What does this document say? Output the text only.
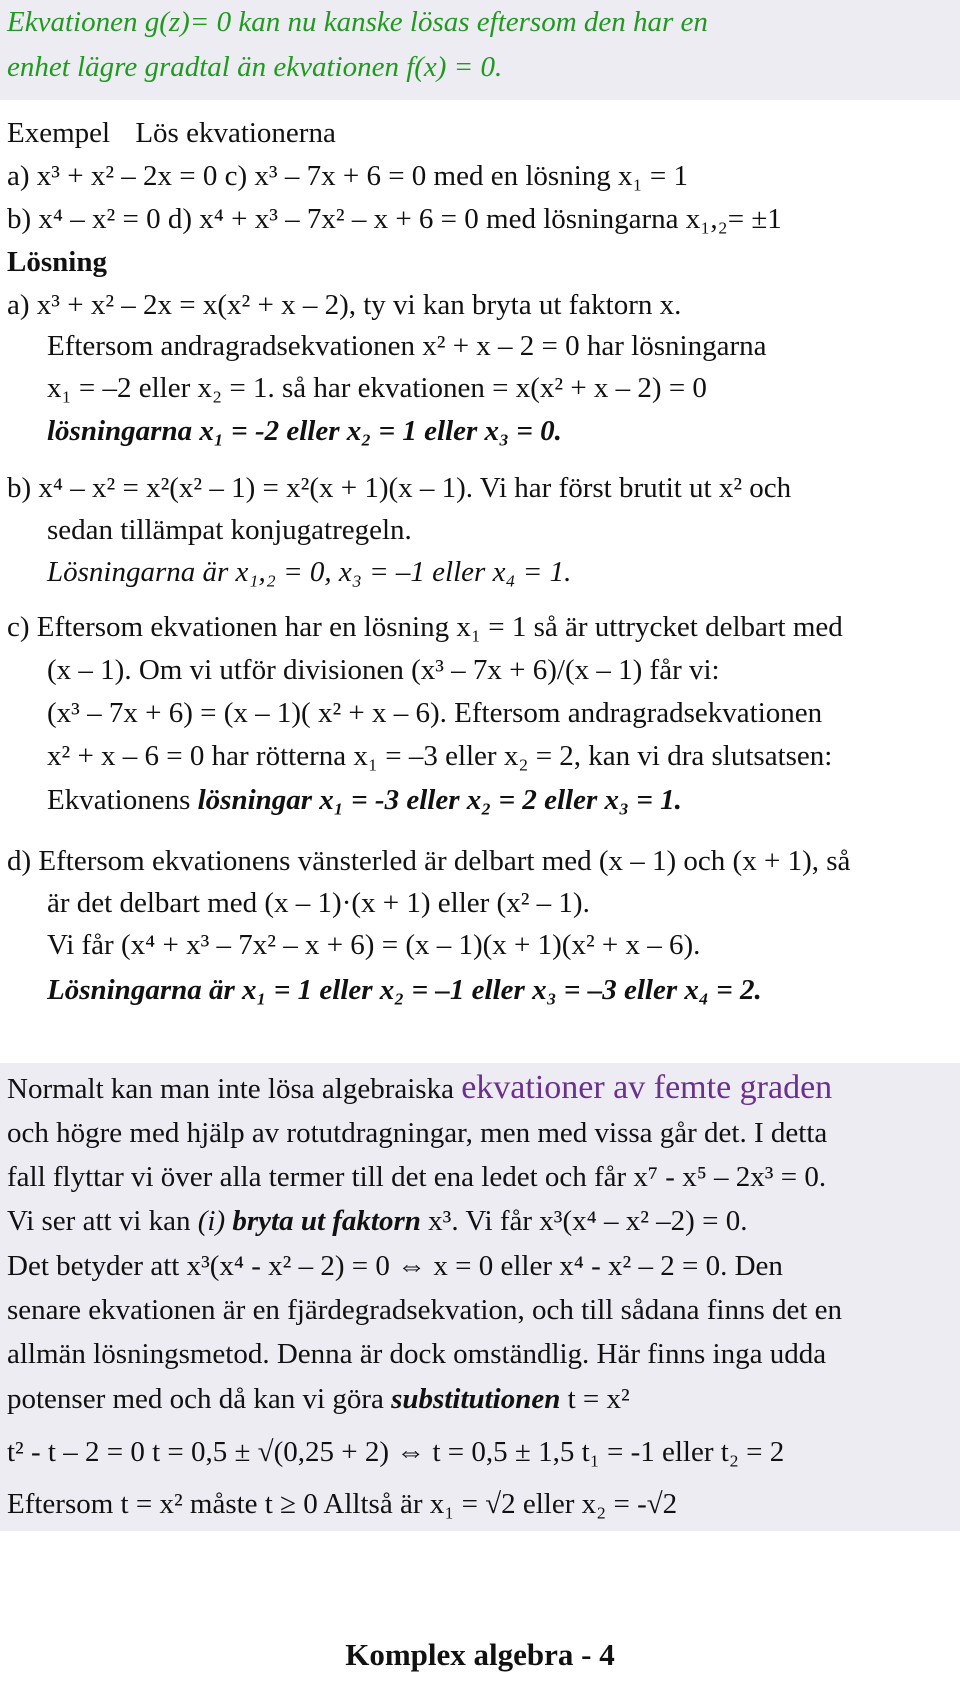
Ekvationen g(z)= 0 kan nu kanske lösas eftersom den har en
enhet lägre gradtal än ekvationen f(x) = 0.
Exempel Lös ekvationerna
a) x³ + x² – 2x = 0 c) x³ – 7x + 6 = 0 med en lösning x₁ = 1
b) x⁴ – x² = 0 d) x⁴ + x³ – 7x² – x + 6 = 0 med lösningarna x₁,₂= ±1
Lösning
a) x³ + x² – 2x = x(x² + x – 2), ty vi kan bryta ut faktorn x.
Eftersom andragradsekvationen x² + x – 2 = 0 har lösningarna
x₁ = –2 eller x₂ = 1. så har ekvationen = x(x² + x – 2) = 0
lösningarna x₁ = -2 eller x₂ = 1 eller x₃ = 0.
b) x⁴ – x² = x²(x² – 1) = x²(x + 1)(x – 1). Vi har först brutit ut x² och
sedan tillämpat konjugatregeln.
Lösningarna är x₁,₂ = 0, x₃ = –1 eller x₄ = 1.
c) Eftersom ekvationen har en lösning x₁ = 1 så är uttrycket delbart med
(x – 1). Om vi utför divisionen (x³ – 7x + 6)/(x – 1) får vi:
(x³ – 7x + 6) = (x – 1)( x² + x – 6). Eftersom andragradsekvationen
x² + x – 6 = 0 har rötterna x₁ = –3 eller x₂ = 2, kan vi dra slutsatsen:
Ekvationens lösningar x₁ = -3 eller x₂ = 2 eller x₃ = 1.
d) Eftersom ekvationens vänsterled är delbart med (x – 1) och (x + 1), så
är det delbart med (x – 1)·(x + 1) eller (x² – 1).
Vi får (x⁴ + x³ – 7x² – x + 6) = (x – 1)(x + 1)(x² + x – 6).
Lösningarna är x₁ = 1 eller x₂ = –1 eller x₃ = –3 eller x₄ = 2.
Normalt kan man inte lösa algebraiska ekvationer av femte graden
och högre med hjälp av rotutdragningar, men med vissa går det. I detta
fall flyttar vi över alla termer till det ena ledet och får x⁷ - x⁵ – 2x³ = 0.
Vi ser att vi kan (i) bryta ut faktorn x³. Vi får x³(x⁴ – x² –2) = 0.
Det betyder att x³(x⁴ - x² – 2) = 0 ⇔ x = 0 eller x⁴ - x² – 2 = 0. Den
senare ekvationen är en fjärdegradsekvation, och till sådana finns det en
allmän lösningsmetod. Denna är dock omständlig. Här finns inga udda
potenser med och då kan vi göra substitutionen t = x²
t² - t – 2 = 0 t = 0,5 ± √(0,25 + 2) ⇔ t = 0,5 ± 1,5 t₁ = -1 eller t₂ = 2
Eftersom t = x² måste t ≥ 0 Alltså är x₁ = √2 eller x₂ = -√2
Komplex algebra - 4
